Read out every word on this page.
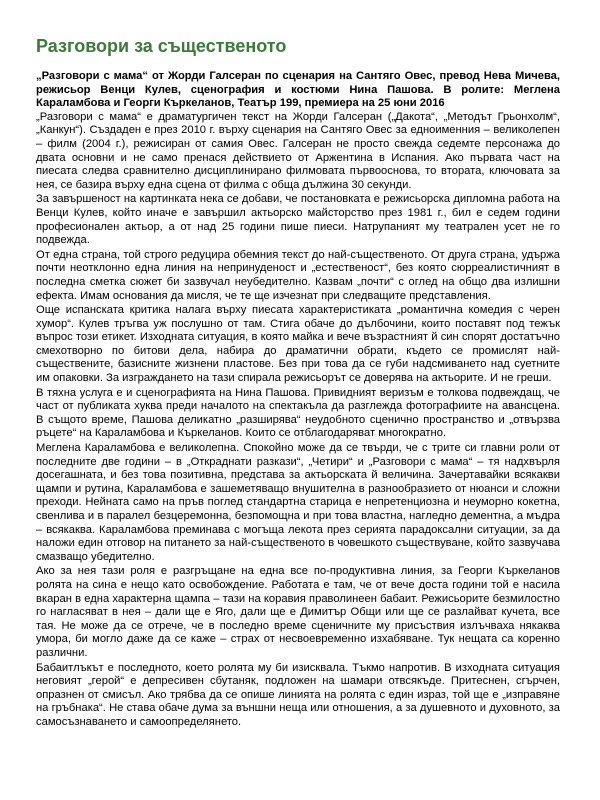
Разговори за същественото

„Разговори с мама“ от Жорди Галсеран по сценария на Сантяго Овес, превод Нева Мичева, режисьор Венци Кулев, сценография и костюми Нина Пашова. В ролите: Меглена Караламбова и Георги Къркеланов, Театър 199, премиера на 25 юни 2016

„Разговори с мама“ е драматургичен текст на Жорди Галсеран („Дакота“, „Методът Грьонхолм“, „Канкун“). Създаден е през 2010 г. върху сценария на Сантяго Овес за едноименния – великолепен – филм (2004 г.), режисиран от самия Овес. Галсеран не просто свежда седемте персонажа до двата основни и не само пренася действието от Аржентина в Испания. Ако първата част на пиесата следва сравнително дисциплинирано филмовата първооснова, то втората, ключовата за нея, се базира върху една сцена от филма с обща дължина 30 секунди.

За завършеност на картинката нека се добави, че постановката е режисьорска дипломна работа на Венци Кулев, който иначе е завършил актьорско майсторство през 1981 г., бил е седем години професионален актьор, а от над 25 години пише пиеси. Натрупаният му театрален усет не го подвежда.

От една страна, той строго редуцира обемния текст до най-същественото. От друга страна, удържа почти неотклонно една линия на непринуденост и „естественост“, без която сюрреалистичният в последна сметка сюжет би зазвучал неубедително. Казвам „почти“ с оглед на общо два излишни ефекта. Имам основания да мисля, че те ще изчезнат при следващите представления.

Още испанската критика налага върху пиесата характеристиката „романтична комедия с черен хумор“. Кулев тръгва уж послушно от там. Стига обаче до дълбочини, които поставят под тежък въпрос този етикет. Изходната ситуация, в която майка и вече възрастният й син спорят достатъчно смехотворно по битови дела, набира до драматични обрати, където се промислят най-съществените, базисните жизнени пластове. Без при това да се губи надсмиването над суетните им опаковки. За изграждането на тази спирала режисьорът се доверява на актьорите. И не греши.

В тяхна услуга е и сценографията на Нина Пашова. Привидният веризъм е толкова подвеждащ, че част от публиката хуква преди началото на спектакъла да разглежда фотографиите на авансцена. В същото време, Пашова деликатно „разширява“ неудобното сценично пространство и „отвързва ръцете“ на Караламбова и Къркеланов. Които се отблагодаряват многократно.

Меглена Караламбова е великолепна. Спокойно може да се твърди, че с трите си главни роли от последните две години – в „Откраднати разкази“, „Четири“ и „Разговори с мама“ – тя надхвърля досегашната, и без това позитивна, представа за актьорската й величина. Зачертавайки всякакви щампи и рутина, Караламбова е зашеметяващо внушителна в разнообразието от нюанси и сложни преходи. Нейната само на пръв поглед стандартна старица е непретенциозна и неуморно кокетна, свенлива и в паралел безцеремонна, безпомощна и при това властна, нагледно дементна, а мъдра – всякаква. Караламбова преминава с могъща лекота през серията парадоксални ситуации, за да наложи един отговор на питането за най-същественото в човешкото съществуване, който зазвучава смазващо убедително.

Ако за нея тази роля е разгръщане на една все по-продуктивна линия, за Георги Къркеланов ролята на сина е нещо като освобождение. Работата е там, че от вече доста години той е насила вкаран в една характерна щампа – тази на коравия праволинеен бабаит. Режисьорите безмилостно го нагласяват в нея – дали ще е Яго, дали ще е Димитър Общи или ще се разлайват кучета, все тая. Не може да се отрече, че в последно време сценичните му присъствия излъчваха някаква умора, би могло даже да се каже – страх от несвоевременно изхабяване. Тук нещата са коренно различни.

Бабаитлъкът е последното, което ролята му би изисквала. Тъкмо напротив. В изходната ситуация неговият „герой“ е депресивен сбутаняк, подложен на шамари отвсякъде. Притеснен, сгърчен, опразнен от смисъл. Ако трябва да се опише линията на ролята с един израз, той ще е „изправяне на гръбнака“. Не става обаче дума за външни неща или отношения, а за душевното и духовното, за самосъзнаването и самоопределянето.
